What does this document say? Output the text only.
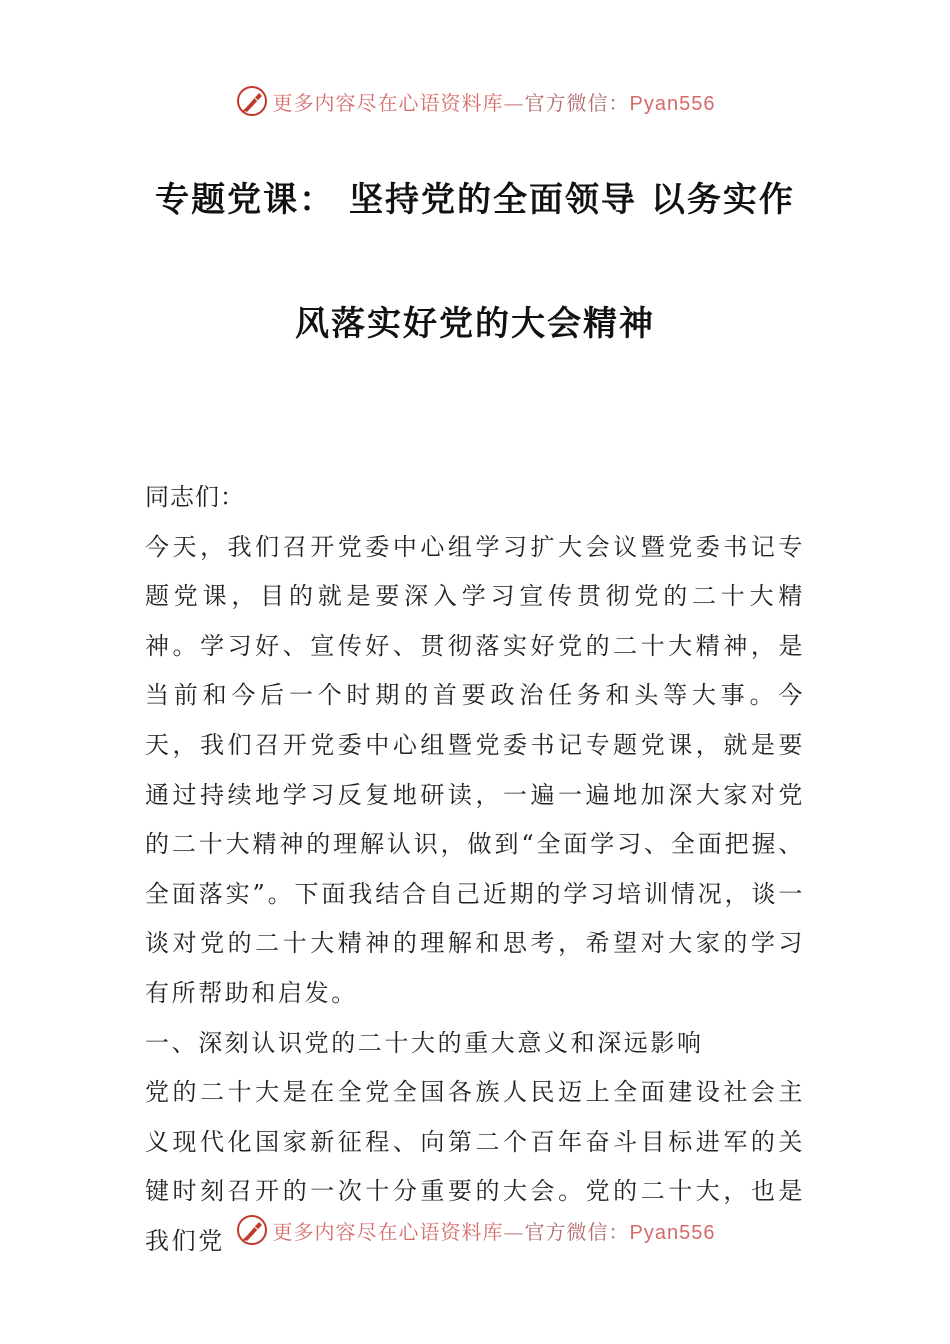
更多内容尽在心语资料库—官方微信：Pyan556
专题党课： 坚持党的全面领导 以务实作
风落实好党的大会精神

同志们：

今天，我们召开党委中心组学习扩大会议暨党委书记专题党课，目的就是要深入学习宣传贯彻党的二十大精神。学习好、宣传好、贯彻落实好党的二十大精神，是当前和今后一个时期的首要政治任务和头等大事。今天，我们召开党委中心组暨党委书记专题党课，就是要通过持续地学习反复地研读，一遍一遍地加深大家对党的二十大精神的理解认识，做到“全面学习、全面把握、全面落实”。下面我结合自己近期的学习培训情况，谈一谈对党的二十大精神的理解和思考，希望对大家的学习有所帮助和启发。

一、深刻认识党的二十大的重大意义和深远影响

党的二十大是在全党全国各族人民迈上全面建设社会主义现代化国家新征程、向第二个百年奋斗目标进军的关键时刻召开的一次十分重要的大会。党的二十大，也是我们党	更多内容尽在心语资料库—官方微信：Pyan556
